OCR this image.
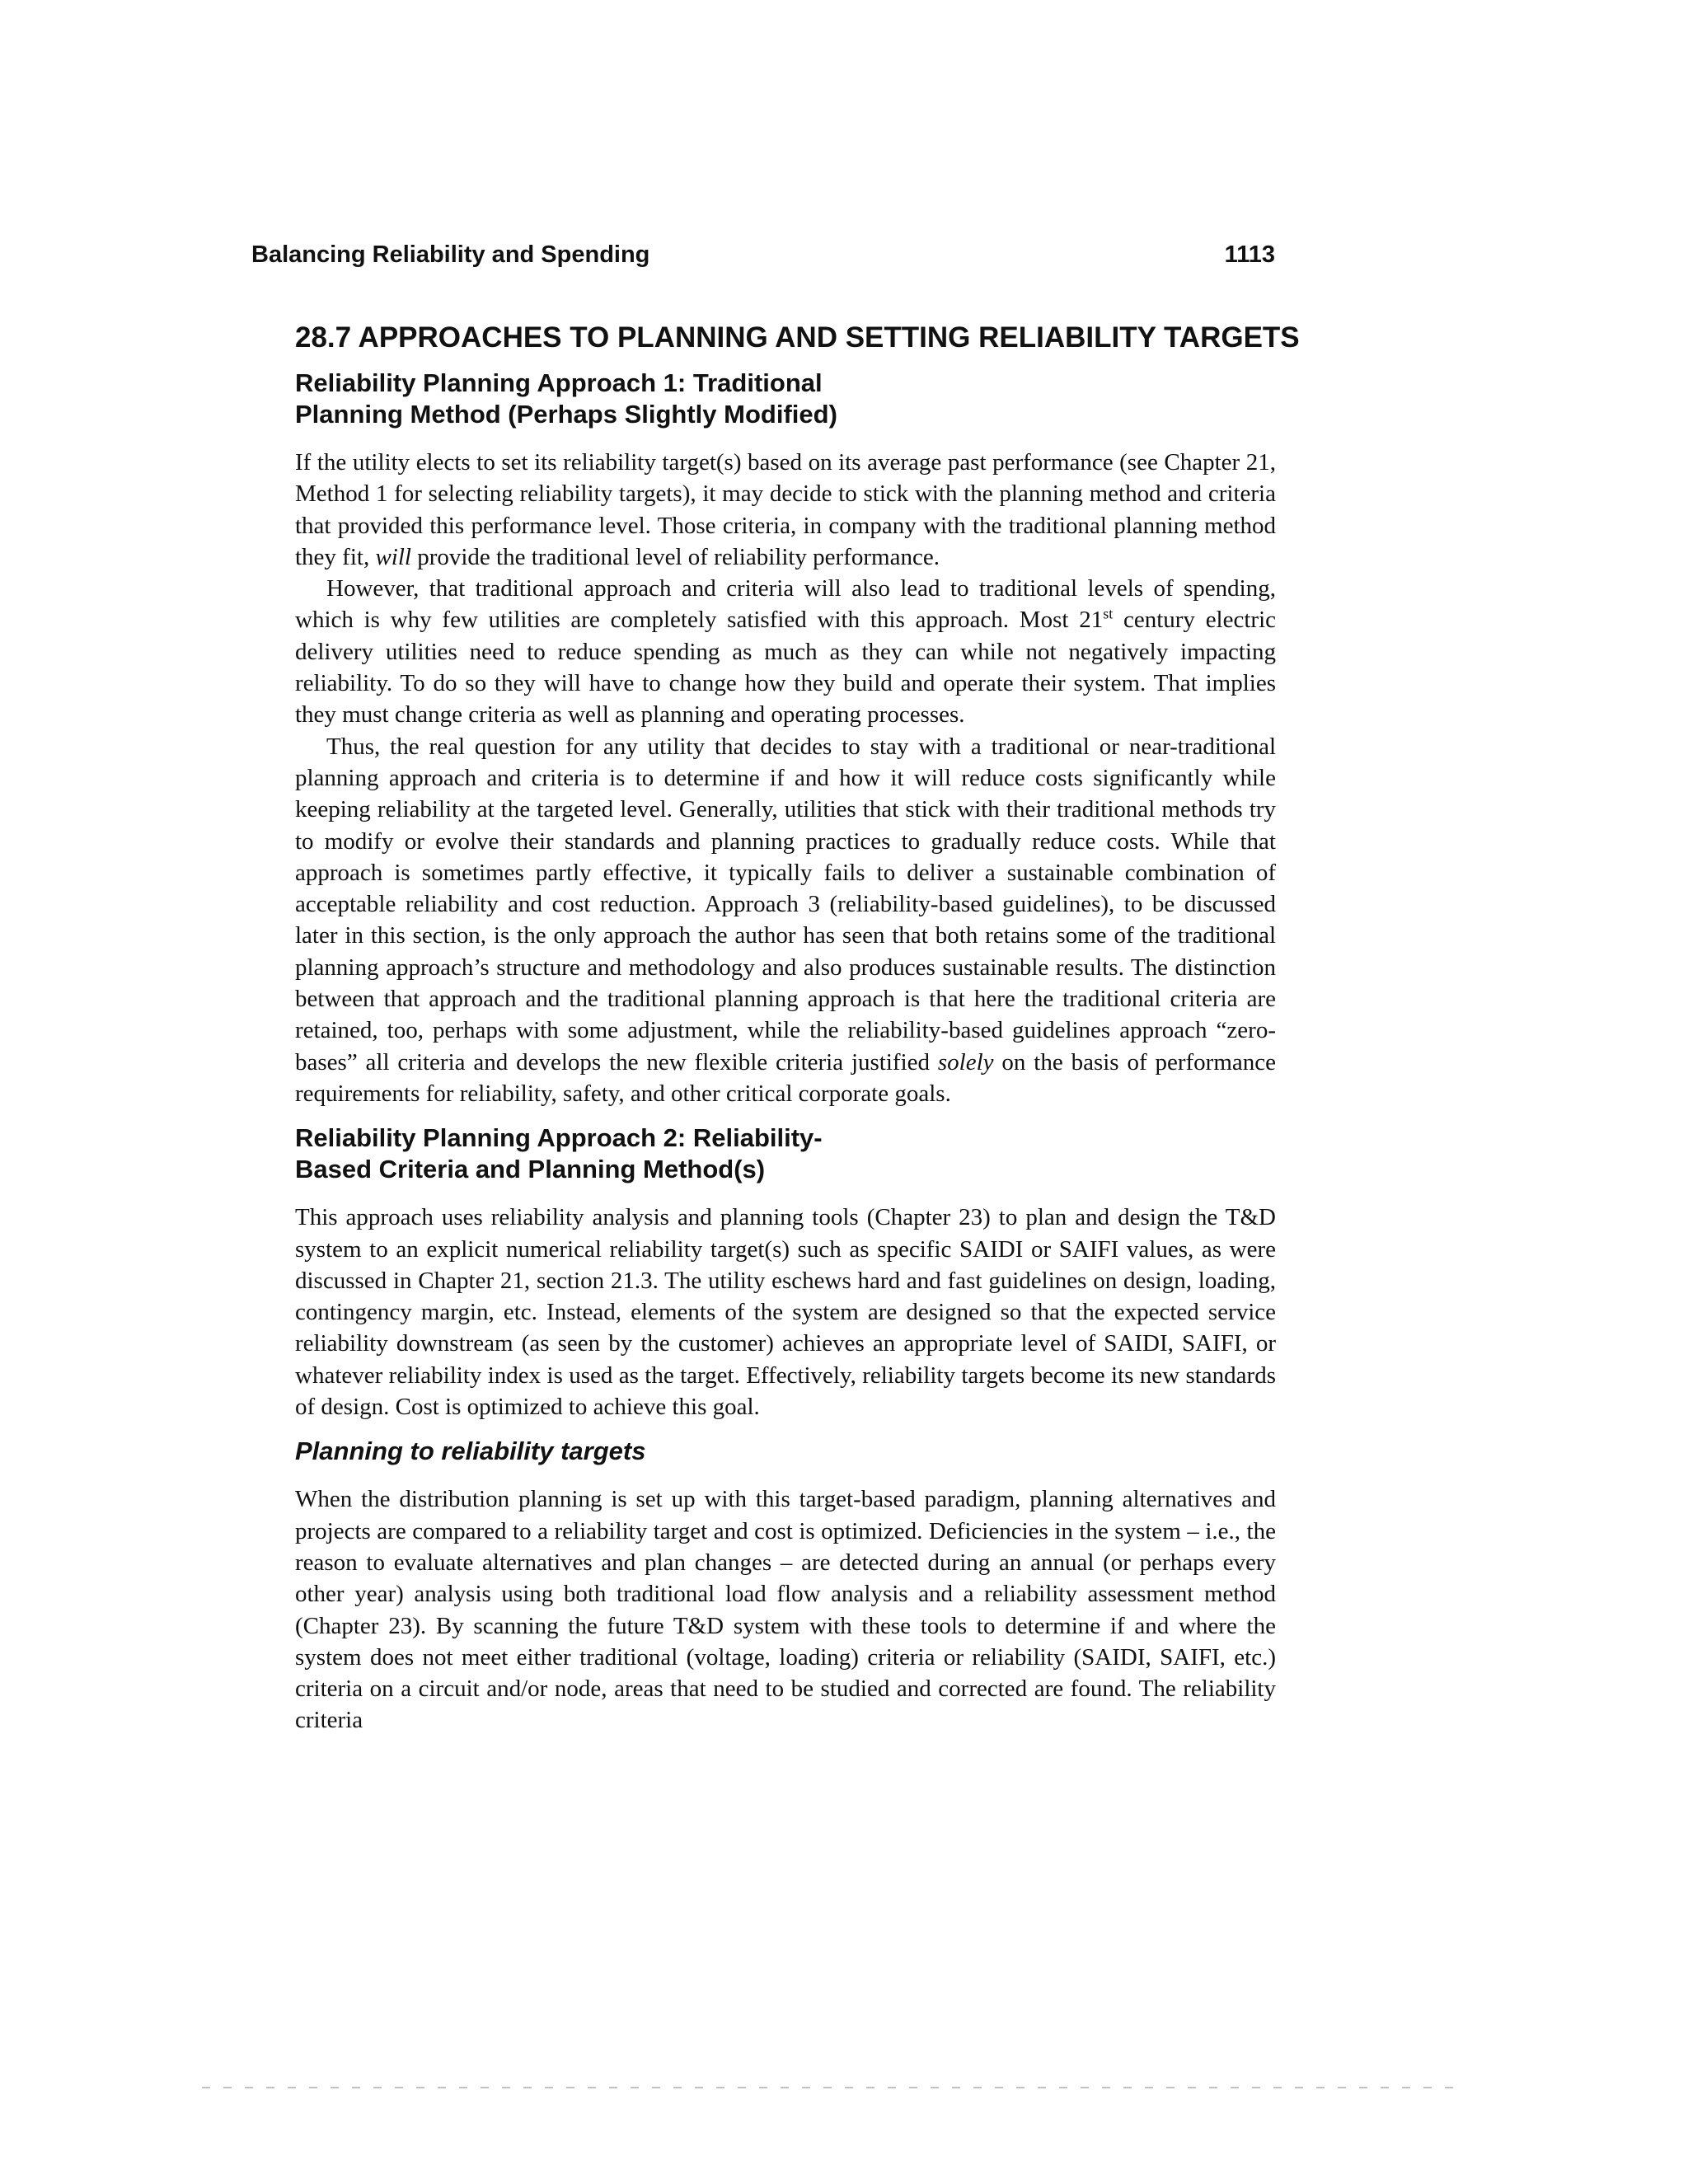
Balancing Reliability and Spending	1113
28.7 APPROACHES TO PLANNING AND SETTING RELIABILITY TARGETS
Reliability Planning Approach 1: Traditional
Planning Method (Perhaps Slightly Modified)

If the utility elects to set its reliability target(s) based on its average past performance (see Chapter 21, Method 1 for selecting reliability targets), it may decide to stick with the planning method and criteria that provided this performance level. Those criteria, in company with the traditional planning method they fit, will provide the traditional level of reliability performance.

However, that traditional approach and criteria will also lead to traditional levels of spending, which is why few utilities are completely satisfied with this approach. Most 21st century electric delivery utilities need to reduce spending as much as they can while not negatively impacting reliability. To do so they will have to change how they build and operate their system. That implies they must change criteria as well as planning and operating processes.

Thus, the real question for any utility that decides to stay with a traditional or near-traditional planning approach and criteria is to determine if and how it will reduce costs significantly while keeping reliability at the targeted level. Generally, utilities that stick with their traditional methods try to modify or evolve their standards and planning practices to gradually reduce costs. While that approach is sometimes partly effective, it typically fails to deliver a sustainable combination of acceptable reliability and cost reduction. Approach 3 (reliability-based guidelines), to be discussed later in this section, is the only approach the author has seen that both retains some of the traditional planning approach’s structure and methodology and also produces sustainable results. The distinction between that approach and the traditional planning approach is that here the traditional criteria are retained, too, perhaps with some adjustment, while the reliability-based guidelines approach “zero-bases” all criteria and develops the new flexible criteria justified solely on the basis of performance requirements for reliability, safety, and other critical corporate goals.

Reliability Planning Approach 2: Reliability-
Based Criteria and Planning Method(s)

This approach uses reliability analysis and planning tools (Chapter 23) to plan and design the T&D system to an explicit numerical reliability target(s) such as specific SAIDI or SAIFI values, as were discussed in Chapter 21, section 21.3. The utility eschews hard and fast guidelines on design, loading, contingency margin, etc. Instead, elements of the system are designed so that the expected service reliability downstream (as seen by the customer) achieves an appropriate level of SAIDI, SAIFI, or whatever reliability index is used as the target. Effectively, reliability targets become its new standards of design. Cost is optimized to achieve this goal.

Planning to reliability targets

When the distribution planning is set up with this target-based paradigm, planning alternatives and projects are compared to a reliability target and cost is optimized. Deficiencies in the system – i.e., the reason to evaluate alternatives and plan changes – are detected during an annual (or perhaps every other year) analysis using both traditional load flow analysis and a reliability assessment method (Chapter 23). By scanning the future T&D system with these tools to determine if and where the system does not meet either traditional (voltage, loading) criteria or reliability (SAIDI, SAIFI, etc.) criteria on a circuit and/or node, areas that need to be studied and corrected are found. The reliability criteria
